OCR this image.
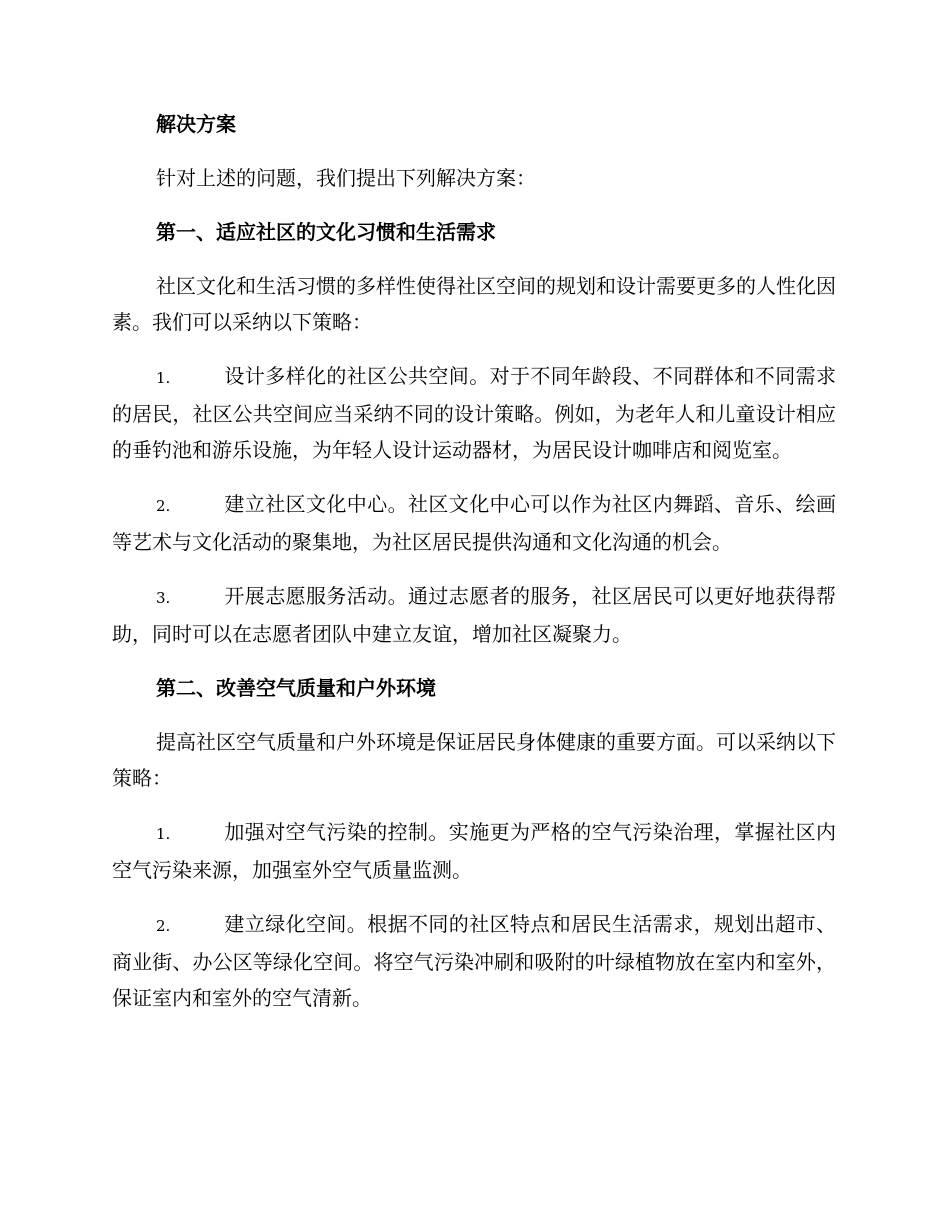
解决方案
针对上述的问题，我们提出下列解决方案：
第一、适应社区的文化习惯和生活需求
社区文化和生活习惯的多样性使得社区空间的规划和设计需要更多的人性化因素。我们可以采纳以下策略：
1.	设计多样化的社区公共空间。对于不同年龄段、不同群体和不同需求的居民，社区公共空间应当采纳不同的设计策略。例如，为老年人和儿童设计相应的垂钓池和游乐设施，为年轻人设计运动器材，为居民设计咖啡店和阅览室。
2.	建立社区文化中心。社区文化中心可以作为社区内舞蹈、音乐、绘画等艺术与文化活动的聚集地，为社区居民提供沟通和文化沟通的机会。
3.	开展志愿服务活动。通过志愿者的服务，社区居民可以更好地获得帮助，同时可以在志愿者团队中建立友谊，增加社区凝聚力。
第二、改善空气质量和户外环境
提高社区空气质量和户外环境是保证居民身体健康的重要方面。可以采纳以下策略：
1.	加强对空气污染的控制。实施更为严格的空气污染治理，掌握社区内空气污染来源，加强室外空气质量监测。
2.	建立绿化空间。根据不同的社区特点和居民生活需求，规划出超市、商业街、办公区等绿化空间。将空气污染冲刷和吸附的叶绿植物放在室内和室外，保证室内和室外的空气清新。
